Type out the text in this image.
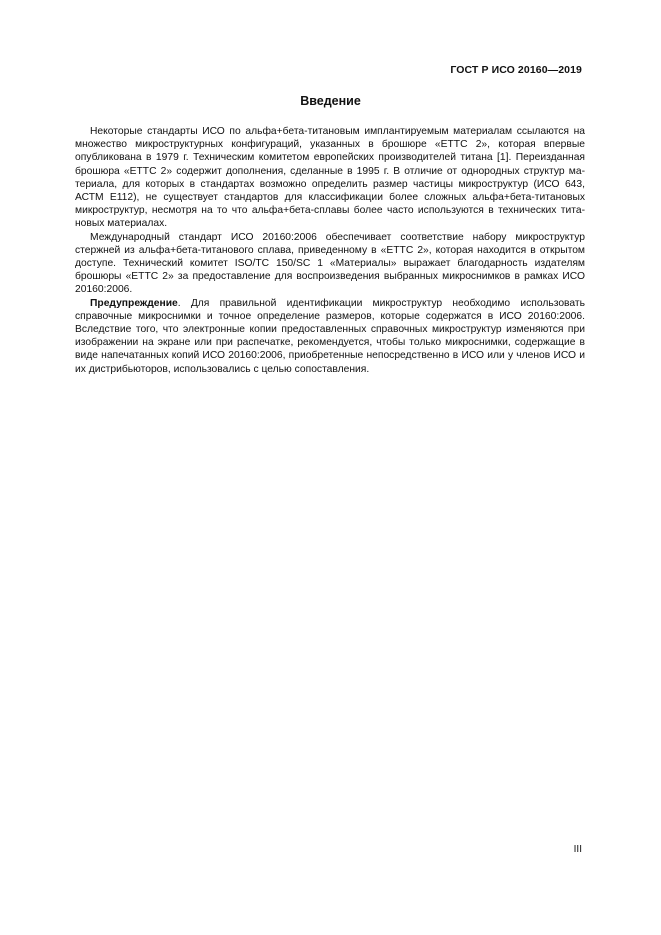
ГОСТ Р ИСО 20160—2019
Введение

Некоторые стандарты ИСО по альфа+бета-титановым имплантируемым материалам ссылаются на множество микроструктурных конфигураций, указанных в брошюре «ЕТТС 2», которая впервые опубликована в 1979 г. Техническим комитетом европейских производителей титана [1]. Переизданная брошюра «ЕТТС 2» содержит дополнения, сделанные в 1995 г. В отличие от однородных структур материала, для которых в стандартах возможно определить размер частицы микроструктур (ИСО 643, АСТМ Е112), не существует стандартов для классификации более сложных альфа+бета-титановых микроструктур, несмотря на то что альфа+бета-сплавы более часто используются в технических титановых материалах.

Международный стандарт ИСО 20160:2006 обеспечивает соответствие набору микроструктур стержней из альфа+бета-титанового сплава, приведенному в «ЕТТС 2», которая находится в открытом доступе. Технический комитет ISO/TC 150/SC 1 «Материалы» выражает благодарность издателям брошюры «ЕТТС 2» за предоставление для воспроизведения выбранных микроснимков в рамках ИСО 20160:2006.

Предупреждение. Для правильной идентификации микроструктур необходимо использовать справочные микроснимки и точное определение размеров, которые содержатся в ИСО 20160:2006. Вследствие того, что электронные копии предоставленных справочных микроструктур изменяются при изображении на экране или при распечатке, рекомендуется, чтобы только микроснимки, содержащие в виде напечатанных копий ИСО 20160:2006, приобретенные непосредственно в ИСО или у членов ИСО и их дистрибьюторов, использовались с целью сопоставления.

III
